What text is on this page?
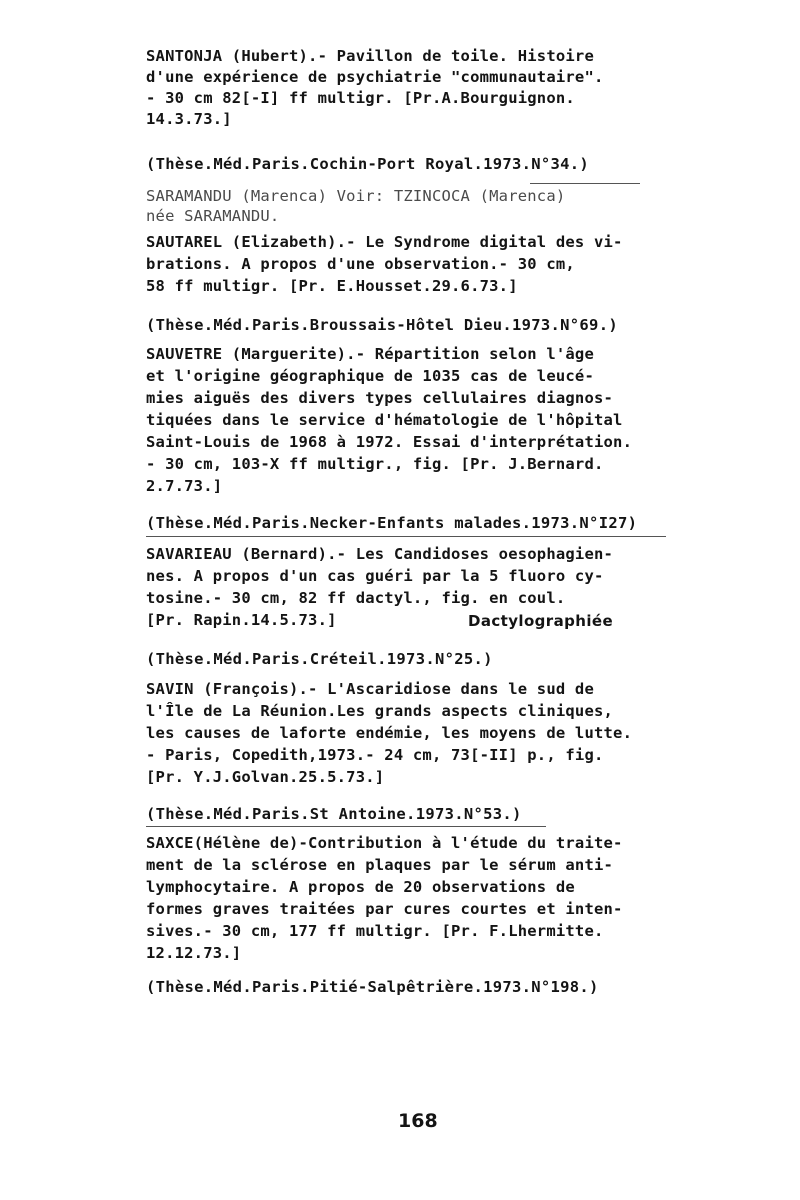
SANTONJA (Hubert).- Pavillon de toile. Histoire
d'une expérience de psychiatrie "communautaire".
- 30 cm 82[-I] ff multigr. [Pr.A.Bourguignon.
14.3.73.]
(Thèse.Méd.Paris.Cochin-Port Royal.1973.N°34.)
SARAMANDU (Marenca) Voir: TZINCOCA (Marenca)
née SARAMANDU.
SAUTAREL (Elizabeth).- Le Syndrome digital des vi-
brations. A propos d'une observation.- 30 cm,
58 ff multigr. [Pr. E.Housset.29.6.73.]
(Thèse.Méd.Paris.Broussais-Hôtel Dieu.1973.N°69.)
SAUVETRE (Marguerite).- Répartition selon l'âge
et l'origine géographique de 1035 cas de leucé-
mies aiguës des divers types cellulaires diagnos-
tiquées dans le service d'hématologie de l'hôpital
Saint-Louis de 1968 à 1972. Essai d'interprétation.
- 30 cm, 103-X ff multigr., fig. [Pr. J.Bernard.
2.7.73.]
(Thèse.Méd.Paris.Necker-Enfants malades.1973.N°I27)
SAVARIEAU (Bernard).- Les Candidoses oesophagien-
nes. A propos d'un cas guéri par la 5 fluoro cy-
tosine.- 30 cm, 82 ff dactyl., fig. en coul.
[Pr. Rapin.14.5.73.]	Dactylographiée
(Thèse.Méd.Paris.Créteil.1973.N°25.)
SAVIN (François).- L'Ascaridiose dans le sud de
l'Île de La Réunion.Les grands aspects cliniques,
les causes de laforte endémie, les moyens de lutte.
- Paris, Copedith,1973.- 24 cm, 73[-II] p., fig.
[Pr. Y.J.Golvan.25.5.73.]
(Thèse.Méd.Paris.St Antoine.1973.N°53.)
SAXCE(Hélène de)-Contribution à l'étude du traite-
ment de la sclérose en plaques par le sérum anti-
lymphocytaire. A propos de 20 observations de
formes graves traitées par cures courtes et inten-
sives.- 30 cm, 177 ff multigr. [Pr. F.Lhermitte.
12.12.73.]
(Thèse.Méd.Paris.Pitié-Salpêtrière.1973.N°198.)
168
